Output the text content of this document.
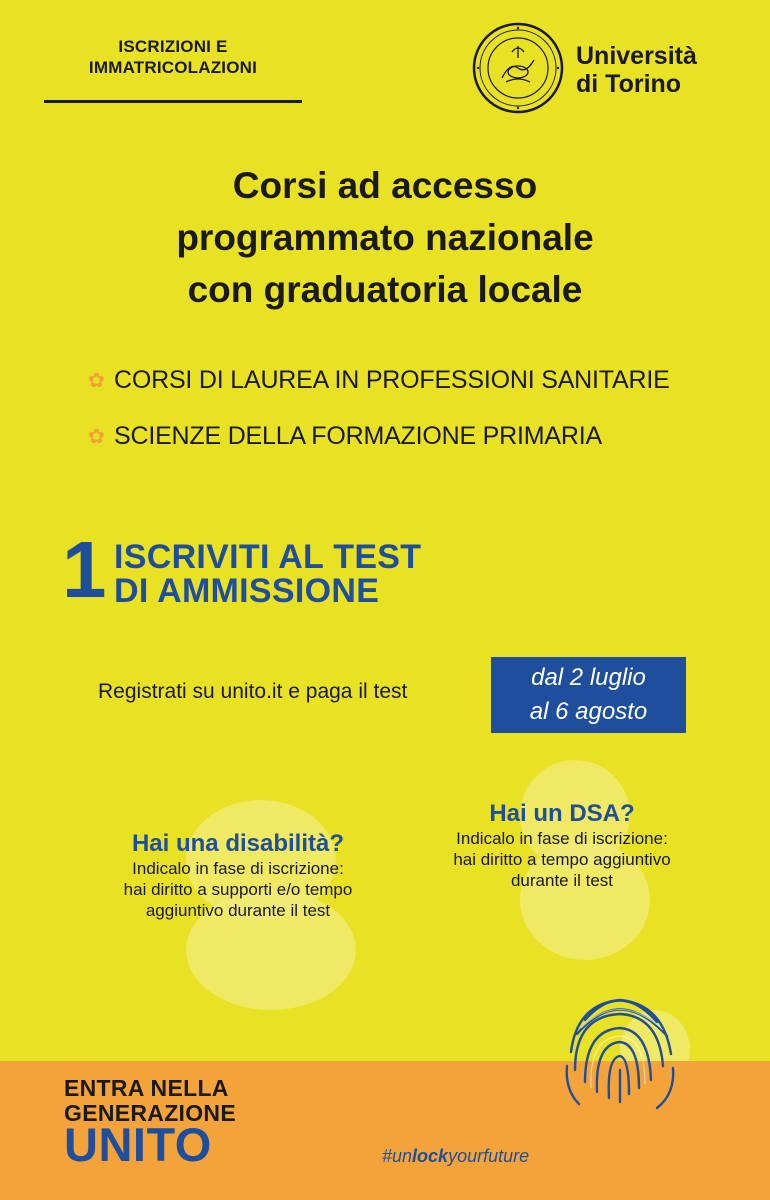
ISCRIZIONI E
IMMATRICOLAZIONI	Università
di Torino
Corsi ad accesso
programmato nazionale
con graduatoria locale
✿ CORSI DI LAUREA IN PROFESSIONI SANITARIE
✿ SCIENZE DELLA FORMAZIONE PRIMARIA
1 ISCRIVITI AL TEST
DI AMMISSIONE
Registrati su unito.it e paga il test
dal 2 luglio
al 6 agosto
Hai una disabilità?
Indicalo in fase di iscrizione:
hai diritto a supporti e/o tempo
aggiuntivo durante il test
Hai un DSA?
Indicalo in fase di iscrizione:
hai diritto a tempo aggiuntivo
durante il test
ENTRA NELLA
GENERAZIONE
UNITO	#unlockyourfuture
